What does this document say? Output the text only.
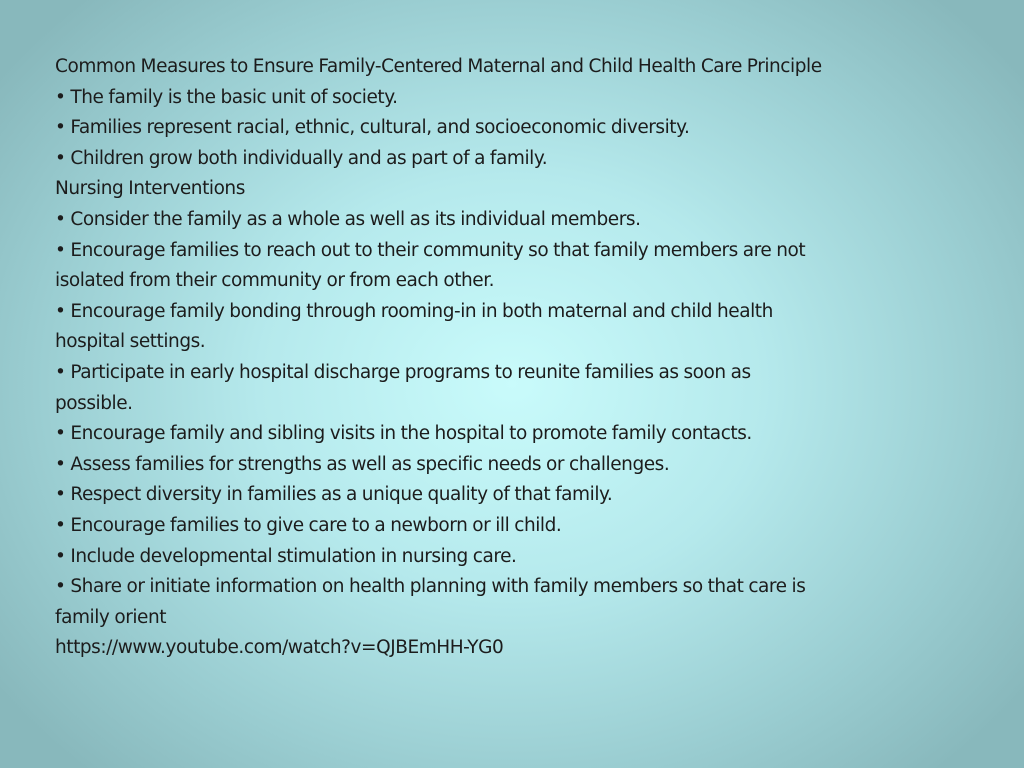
Common Measures to Ensure Family-Centered Maternal and Child Health Care Principle
• The family is the basic unit of society.
• Families represent racial, ethnic, cultural, and socioeconomic diversity.
• Children grow both individually and as part of a family.
Nursing Interventions
• Consider the family as a whole as well as its individual members.
• Encourage families to reach out to their community so that family members are not
isolated from their community or from each other.
• Encourage family bonding through rooming-in in both maternal and child health
hospital settings.
• Participate in early hospital discharge programs to reunite families as soon as
possible.
• Encourage family and sibling visits in the hospital to promote family contacts.
• Assess families for strengths as well as specific needs or challenges.
• Respect diversity in families as a unique quality of that family.
• Encourage families to give care to a newborn or ill child.
• Include developmental stimulation in nursing care.
• Share or initiate information on health planning with family members so that care is
family orient
https://www.youtube.com/watch?v=QJBEmHH-YG0
